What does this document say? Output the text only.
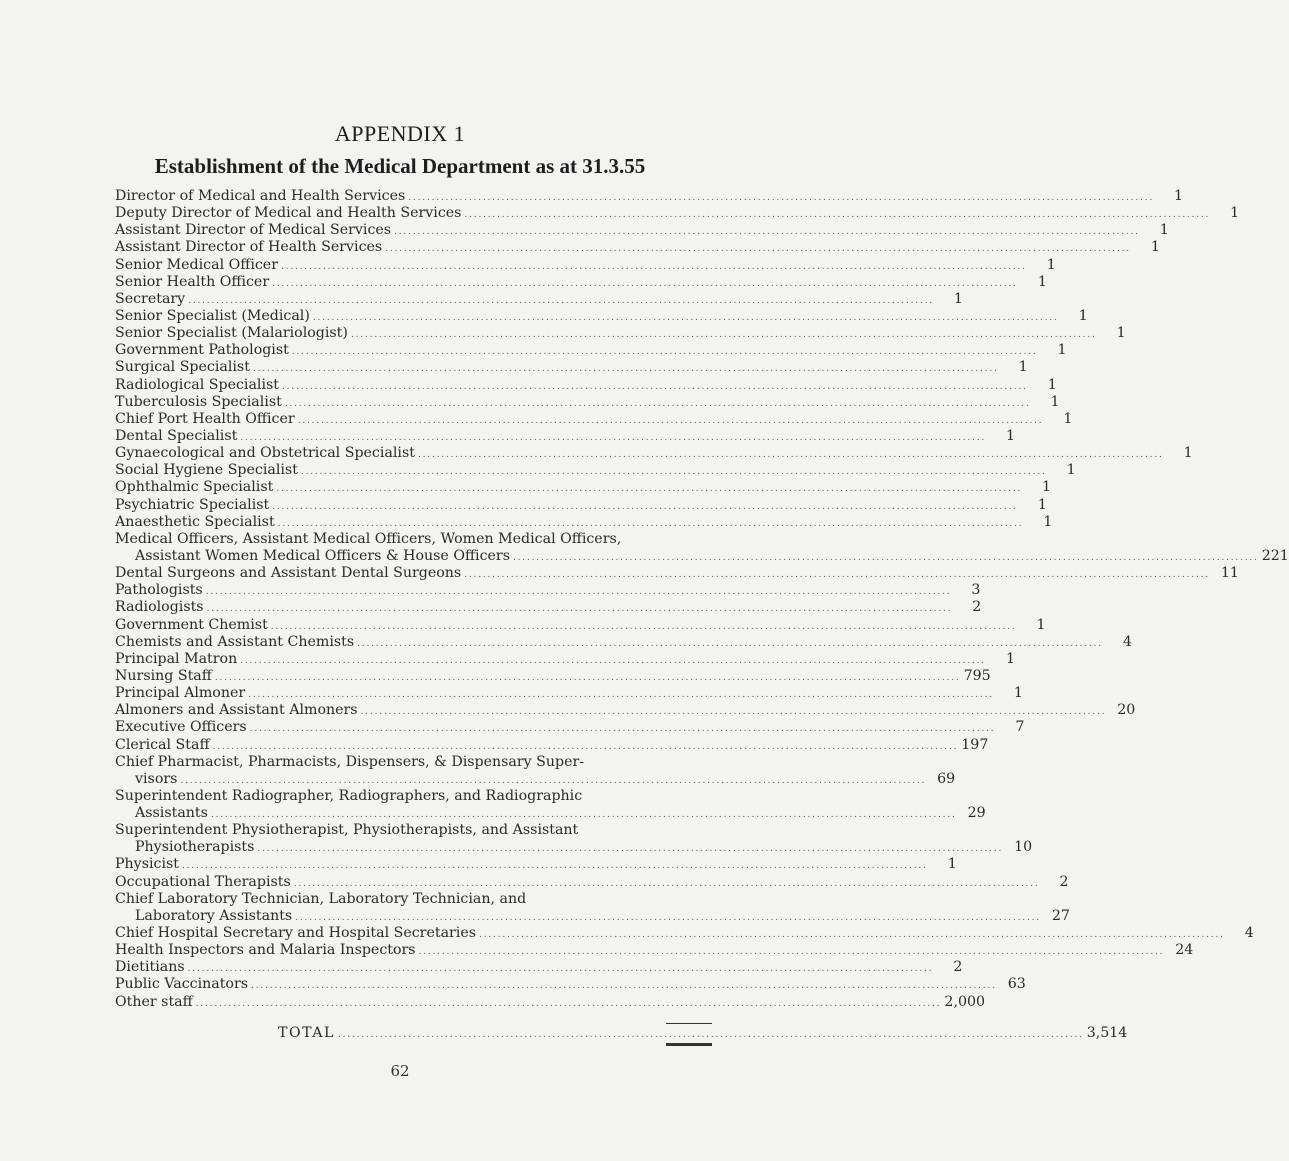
APPENDIX 1
Establishment of the Medical Department as at 31.3.55
Director of Medical and Health Services ................................................................................................................................................................	1
Deputy Director of Medical and Health Services ................................................................................................................................................................	1
Assistant Director of Medical Services ................................................................................................................................................................	1
Assistant Director of Health Services ................................................................................................................................................................	1
Senior Medical Officer ................................................................................................................................................................	1
Senior Health Officer ................................................................................................................................................................	1
Secretary ................................................................................................................................................................	1
Senior Specialist (Medical) ................................................................................................................................................................	1
Senior Specialist (Malariologist) ................................................................................................................................................................	1
Government Pathologist ................................................................................................................................................................	1
Surgical Specialist ................................................................................................................................................................	1
Radiological Specialist ................................................................................................................................................................	1
Tuberculosis Specialist ................................................................................................................................................................	1
Chief Port Health Officer ................................................................................................................................................................	1
Dental Specialist ................................................................................................................................................................	1
Gynaecological and Obstetrical Specialist ................................................................................................................................................................	1
Social Hygiene Specialist ................................................................................................................................................................	1
Ophthalmic Specialist ................................................................................................................................................................	1
Psychiatric Specialist ................................................................................................................................................................	1
Anaesthetic Specialist ................................................................................................................................................................	1
Medical Officers, Assistant Medical Officers, Women Medical Officers,
Assistant Women Medical Officers & House Officers ................................................................................................................................................................ 221
Dental Surgeons and Assistant Dental Surgeons ................................................................................................................................................................ 11
Pathologists ................................................................................................................................................................	3
Radiologists ................................................................................................................................................................	2
Government Chemist ................................................................................................................................................................	1
Chemists and Assistant Chemists ................................................................................................................................................................	4
Principal Matron ................................................................................................................................................................	1
Nursing Staff ................................................................................................................................................................ 795
Principal Almoner ................................................................................................................................................................	1
Almoners and Assistant Almoners ................................................................................................................................................................ 20
Executive Officers ................................................................................................................................................................	7
Clerical Staff ................................................................................................................................................................ 197
Chief Pharmacist, Pharmacists, Dispensers, & Dispensary Super-
visors ................................................................................................................................................................ 69
Superintendent Radiographer, Radiographers, and Radiographic
Assistants ................................................................................................................................................................ 29
Superintendent Physiotherapist, Physiotherapists, and Assistant
Physiotherapists ................................................................................................................................................................ 10
Physicist ................................................................................................................................................................	1
Occupational Therapists ................................................................................................................................................................	2
Chief Laboratory Technician, Laboratory Technician, and
Laboratory Assistants ................................................................................................................................................................ 27
Chief Hospital Secretary and Hospital Secretaries ................................................................................................................................................................	4
Health Inspectors and Malaria Inspectors ................................................................................................................................................................ 24
Dietitians ................................................................................................................................................................	2
Public Vaccinators ................................................................................................................................................................ 63
Other staff ................................................................................................................................................................ 2,000
TOTAL ................................................................................................................................................................ 3,514
62
